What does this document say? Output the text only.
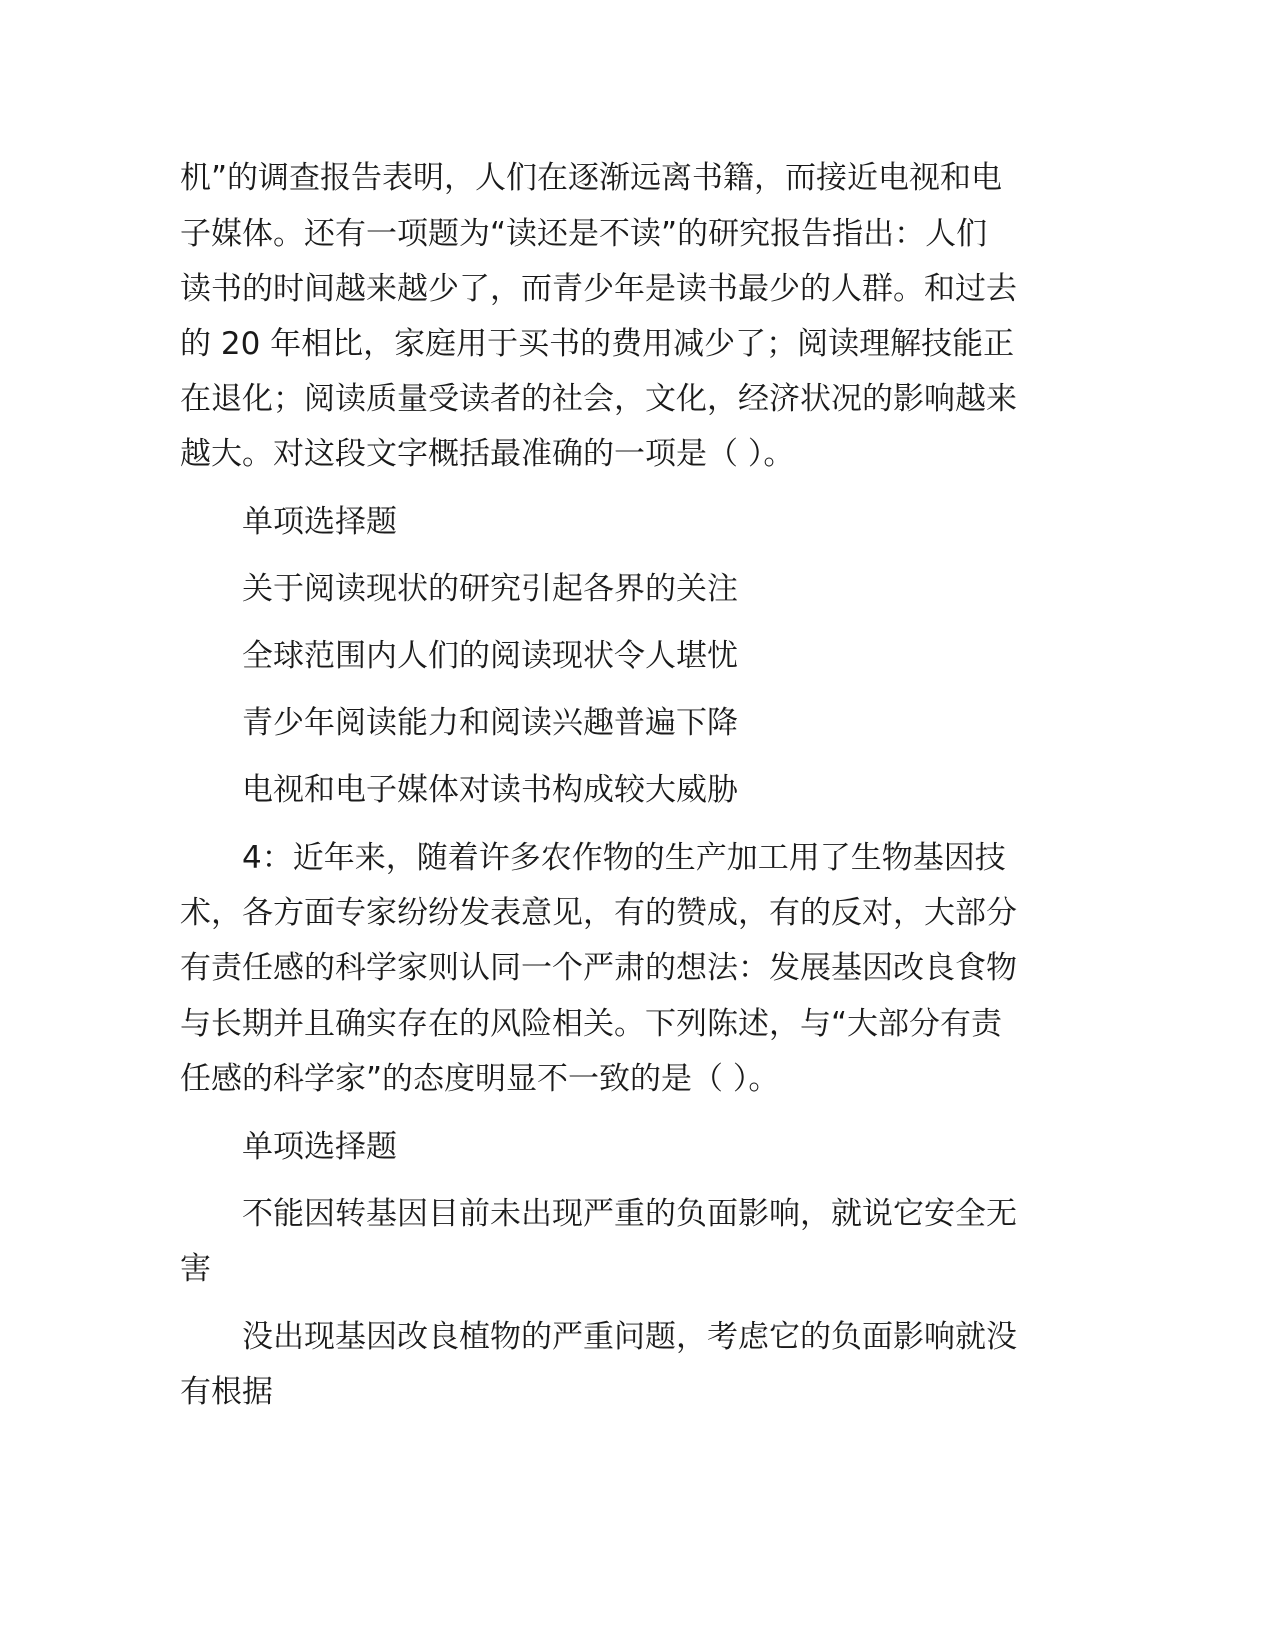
机”的调查报告表明，人们在逐渐远离书籍，而接近电视和电
子媒体。还有一项题为“读还是不读”的研究报告指出：人们
读书的时间越来越少了，而青少年是读书最少的人群。和过去
的 20 年相比，家庭用于买书的费用减少了；阅读理解技能正
在退化；阅读质量受读者的社会，文化，经济状况的影响越来
越大。对这段文字概括最准确的一项是（ ）。
单项选择题
关于阅读现状的研究引起各界的关注
全球范围内人们的阅读现状令人堪忧
青少年阅读能力和阅读兴趣普遍下降
电视和电子媒体对读书构成较大威胁
4：近年来，随着许多农作物的生产加工用了生物基因技
术，各方面专家纷纷发表意见，有的赞成，有的反对，大部分
有责任感的科学家则认同一个严肃的想法：发展基因改良食物
与长期并且确实存在的风险相关。下列陈述，与“大部分有责
任感的科学家”的态度明显不一致的是（ ）。
单项选择题
不能因转基因目前未出现严重的负面影响，就说它安全无
害
没出现基因改良植物的严重问题，考虑它的负面影响就没
有根据
